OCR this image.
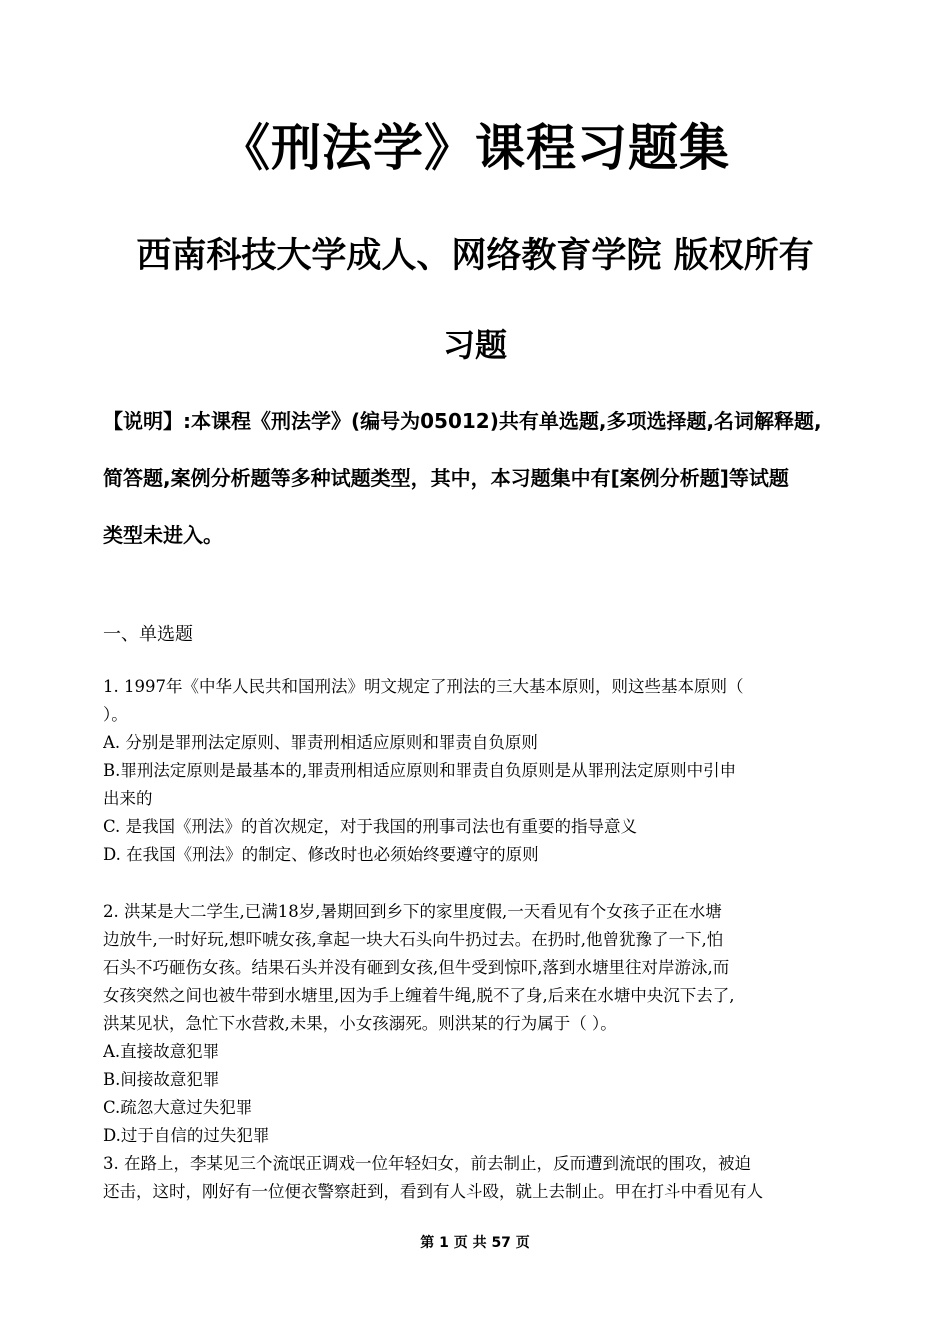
《刑法学》课程习题集
西南科技大学成人、网络教育学院 版权所有
习题
【说明】:本课程《刑法学》(编号为05012)共有单选题,多项选择题,名词解释题,
简答题,案例分析题等多种试题类型，其中，本习题集中有[案例分析题]等试题
类型未进入。
一、单选题
1. 1997年《中华人民共和国刑法》明文规定了刑法的三大基本原则，则这些基本原则（
）。
A. 分别是罪刑法定原则、罪责刑相适应原则和罪责自负原则
B.罪刑法定原则是最基本的,罪责刑相适应原则和罪责自负原则是从罪刑法定原则中引申
出来的
C. 是我国《刑法》的首次规定，对于我国的刑事司法也有重要的指导意义
D. 在我国《刑法》的制定、修改时也必须始终要遵守的原则
2. 洪某是大二学生,已满18岁,暑期回到乡下的家里度假,一天看见有个女孩子正在水塘
边放牛,一时好玩,想吓唬女孩,拿起一块大石头向牛扔过去。在扔时,他曾犹豫了一下,怕
石头不巧砸伤女孩。结果石头并没有砸到女孩,但牛受到惊吓,落到水塘里往对岸游泳,而
女孩突然之间也被牛带到水塘里,因为手上缠着牛绳,脱不了身,后来在水塘中央沉下去了,
洪某见状，急忙下水营救,未果，小女孩溺死。则洪某的行为属于（ ）。
A.直接故意犯罪
B.间接故意犯罪
C.疏忽大意过失犯罪
D.过于自信的过失犯罪
3. 在路上，李某见三个流氓正调戏一位年轻妇女，前去制止，反而遭到流氓的围攻，被迫
还击，这时，刚好有一位便衣警察赶到，看到有人斗殴，就上去制止。甲在打斗中看见有人
第 1 页 共 57 页
